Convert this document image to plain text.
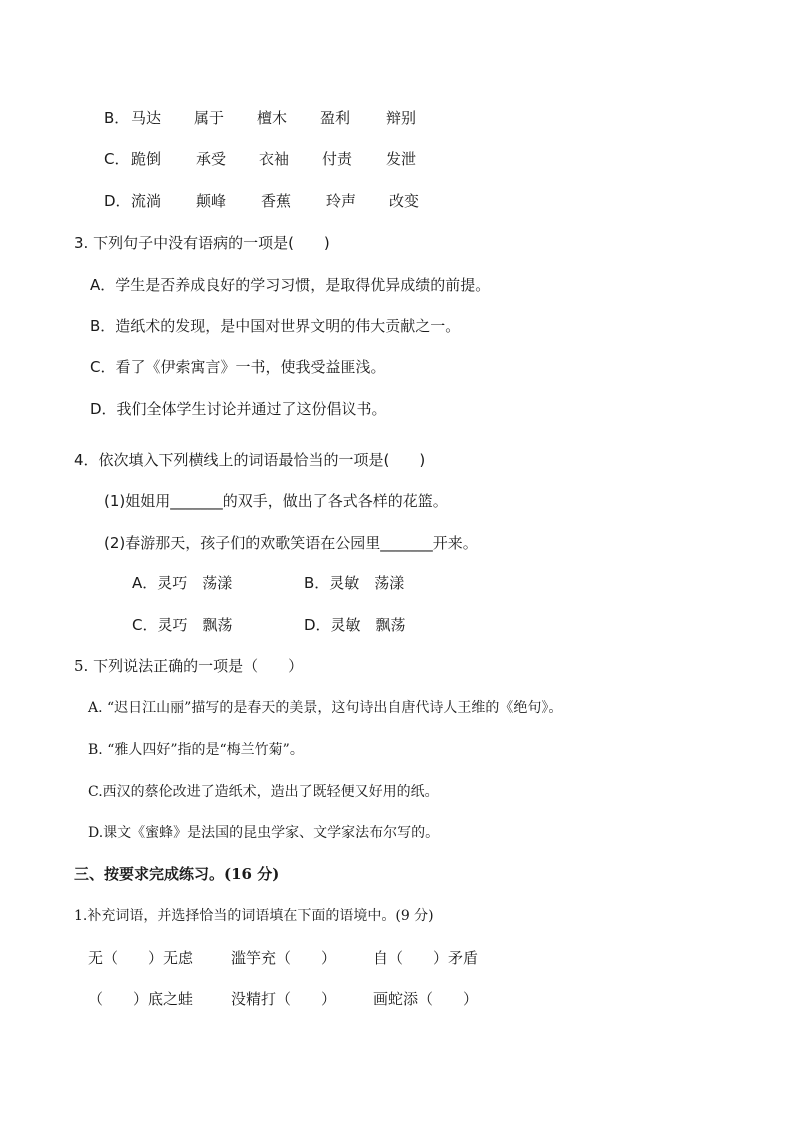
B． 马达 属于 檀木 盈利 辩别
C． 跪倒 承受 衣袖 付责 发泄
D． 流淌 颠峰 香蕉 玲声 改变
3. 下列句子中没有语病的一项是(　　)
A．学生是否养成良好的学习习惯，是取得优异成绩的前提。
B．造纸术的发现，是中国对世界文明的伟大贡献之一。
C．看了《伊索寓言》一书，使我受益匪浅。
D．我们全体学生讨论并通过了这份倡议书。
4．依次填入下列横线上的词语最恰当的一项是(　　)
(1)姐姐用_______的双手，做出了各式各样的花篮。
(2)春游那天，孩子们的欢歌笑语在公园里_______开来。
A．灵巧　荡漾	B．灵敏　荡漾
C．灵巧　飘荡	D．灵敏　飘荡
5. 下列说法正确的一项是（　　）
A. “迟日江山丽”描写的是春天的美景，这句诗出自唐代诗人王维的《绝句》。
B. “雅人四好”指的是“梅兰竹菊”。
C.西汉的蔡伦改进了造纸术，造出了既轻便又好用的纸。
D.课文《蜜蜂》是法国的昆虫学家、文学家法布尔写的。
三、按要求完成练习。(16 分)
1.补充词语，并选择恰当的词语填在下面的语境中。(9 分)
无（　　）无虑	滥竽充（　　） 自（　　）矛盾
（　　）底之蛙	没精打（　　） 画蛇添（　　）
